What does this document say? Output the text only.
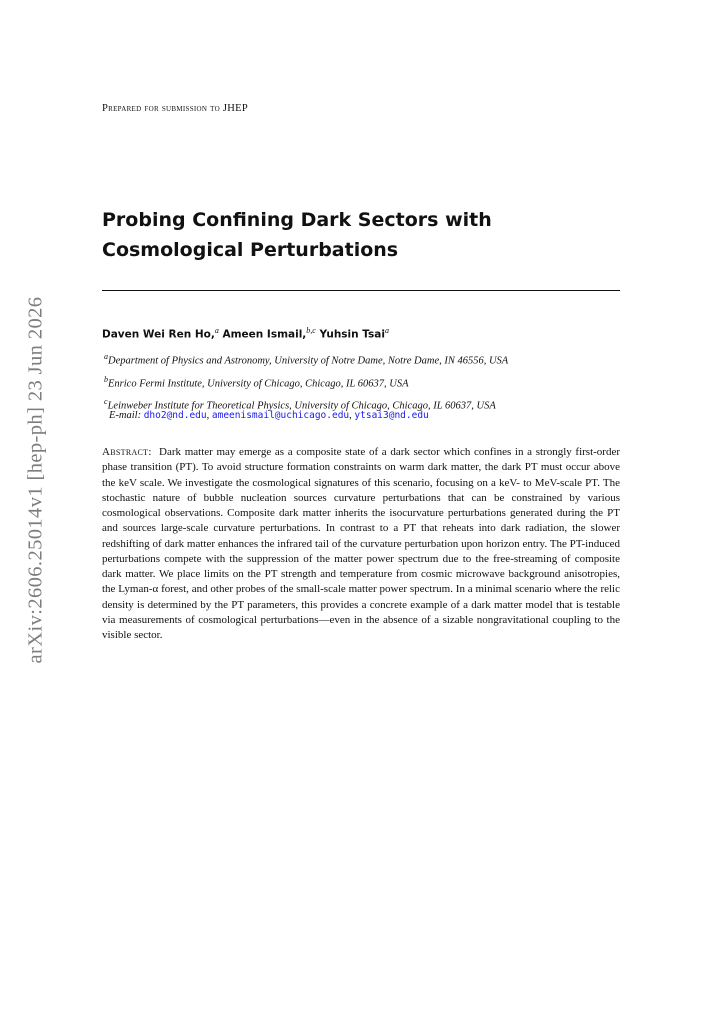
arXiv:2606.25014v1 [hep-ph] 23 Jun 2026
Prepared for submission to JHEP
Probing Confining Dark Sectors with Cosmological Perturbations
Daven Wei Ren Ho,$^a$ Ameen Ismail,$^{b,c}$ Yuhsin Tsai$^a$
$^a$Department of Physics and Astronomy, University of Notre Dame, Notre Dame, IN 46556, USA
$^b$Enrico Fermi Institute, University of Chicago, Chicago, IL 60637, USA
$^c$Leinweber Institute for Theoretical Physics, University of Chicago, Chicago, IL 60637, USA
E-mail: dho2@nd.edu, ameenismail@uchicago.edu, ytsai3@nd.edu

Abstract: Dark matter may emerge as a composite state of a dark sector which confines in a strongly first-order phase transition (PT). To avoid structure formation constraints on warm dark matter, the dark PT must occur above the keV scale. We investigate the cosmological signatures of this scenario, focusing on a keV- to MeV-scale PT. The stochastic nature of bubble nucleation sources curvature perturbations that can be constrained by various cosmological observations. Composite dark matter inherits the isocurvature perturbations generated during the PT and sources large-scale curvature perturbations. In contrast to a PT that reheats into dark radiation, the slower redshifting of dark matter enhances the infrared tail of the curvature perturbation upon horizon entry. The PT-induced perturbations compete with the suppression of the matter power spectrum due to the free-streaming of composite dark matter. We place limits on the PT strength and temperature from cosmic microwave background anisotropies, the Lyman-α forest, and other probes of the small-scale matter power spectrum. In a minimal scenario where the relic density is determined by the PT parameters, this provides a concrete example of a dark matter model that is testable via measurements of cosmological perturbations—even in the absence of a sizable nongravitational coupling to the visible sector.
